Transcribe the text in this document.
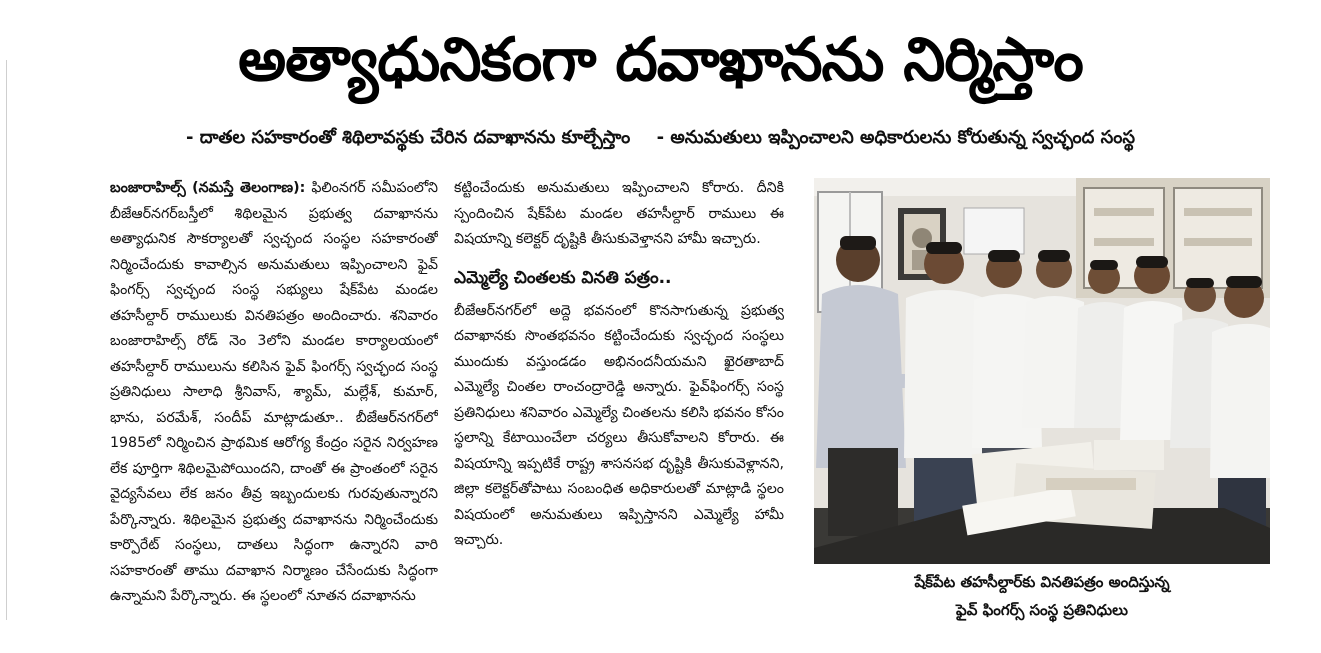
అత్యాధునికంగా దవాఖానను నిర్మిస్తాం
- దాతల సహకారంతో శిథిలావస్థకు చేరిన దవాఖానను కూల్చేస్తాం - అనుమతులు ఇప్పించాలని అధికారులను కోరుతున్న స్వచ్ఛంద సంస్థ

బంజారాహిల్స్ (నమస్తే తెలంగాణ): ఫిలింనగర్ సమీపంలోని బీజేఆర్‌నగర్‌బస్తీలో శిథిలమైన ప్రభుత్వ దవాఖానను అత్యాధునిక సౌకర్యాలతో స్వచ్ఛంద సంస్థల సహకారంతో నిర్మించేందుకు కావాల్సిన అనుమతులు ఇప్పించాలని ఫైవ్ ఫింగర్స్ స్వచ్ఛంద సంస్థ సభ్యులు షేక్‌పేట మండల తహసీల్దార్ రాములుకు వినతిపత్రం అందించారు. శనివారం బంజారాహిల్స్ రోడ్ నెం 3లోని మండల కార్యాలయంలో తహసీల్దార్ రాములును కలిసిన ఫైవ్ ఫింగర్స్ స్వచ్ఛంద సంస్థ ప్రతినిధులు సాలాధి శ్రీనివాస్, శ్యామ్, మల్లేశ్, కుమార్, భాను, పరమేశ్, సందీప్ మాట్లాడుతూ.. బీజేఆర్‌నగర్‌లో 1985లో నిర్మించిన ప్రాథమిక ఆరోగ్య కేంద్రం సరైన నిర్వహణ లేక పూర్తిగా శిథిలమైపోయిందని, దాంతో ఈ ప్రాంతంలో సరైన వైద్యసేవలు లేక జనం తీవ్ర ఇబ్బందులకు గురవుతున్నారని పేర్కొన్నారు. శిథిలమైన ప్రభుత్వ దవాఖానను నిర్మించేందుకు కార్పొరేట్ సంస్థలు, దాతలు సిద్ధంగా ఉన్నారని వారి సహకారంతో తాము దవాఖాన నిర్మాణం చేసేందుకు సిద్ధంగా ఉన్నామని పేర్కొన్నారు. ఈ స్థలంలో నూతన దవాఖానను

కట్టించేందుకు అనుమతులు ఇప్పించాలని కోరారు. దీనికి స్పందించిన షేక్‌పేట మండల తహసీల్దార్ రాములు ఈ విషయాన్ని కలెక్టర్ దృష్టికి తీసుకువెళ్తానని హామీ ఇచ్చారు.

ఎమ్మెల్యే చింతలకు వినతి పత్రం..

బీజేఆర్‌నగర్‌లో అద్దె భవనంలో కొనసాగుతున్న ప్రభుత్వ దవాఖానకు సొంతభవనం కట్టించేందుకు స్వచ్ఛంద సంస్థలు ముందుకు వస్తుండడం అభినందనీయమని ఖైరతాబాద్ ఎమ్మెల్యే చింతల రాంచంద్రారెడ్డి అన్నారు. ఫైవ్‌ఫింగర్స్ సంస్థ ప్రతినిధులు శనివారం ఎమ్మెల్యే చింతలను కలిసి భవనం కోసం స్థలాన్ని కేటాయించేలా చర్యలు తీసుకోవాలని కోరారు. ఈ విషయాన్ని ఇప్పటికే రాష్ట్ర శాసనసభ దృష్టికి తీసుకువెళ్లానని, జిల్లా కలెక్టర్‌తోపాటు సంబంధిత అధికారులతో మాట్లాడి స్థలం విషయంలో అనుమతులు ఇప్పిస్తానని ఎమ్మెల్యే హామీ ఇచ్చారు.

షేక్‌పేట తహసీల్దార్‌కు వినతిపత్రం అందిస్తున్న
ఫైవ్ ఫింగర్స్ సంస్థ ప్రతినిధులు
